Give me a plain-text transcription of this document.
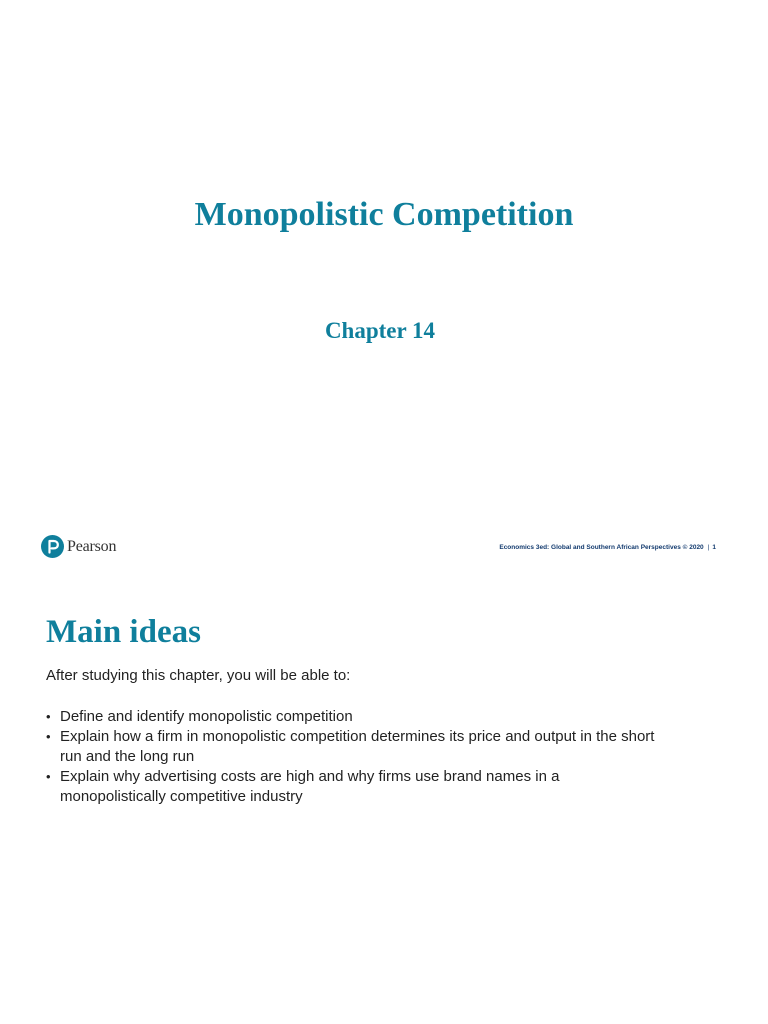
Monopolistic Competition
Chapter 14
Pearson	Economics 3ed: Global and Southern African Perspectives © 2020 | 1
Main ideas

After studying this chapter, you will be able to:

• Define and identify monopolistic competition
• Explain how a firm in monopolistic competition determines its price and output in the short run and the long run
• Explain why advertising costs are high and why firms use brand names in a monopolistically competitive industry
